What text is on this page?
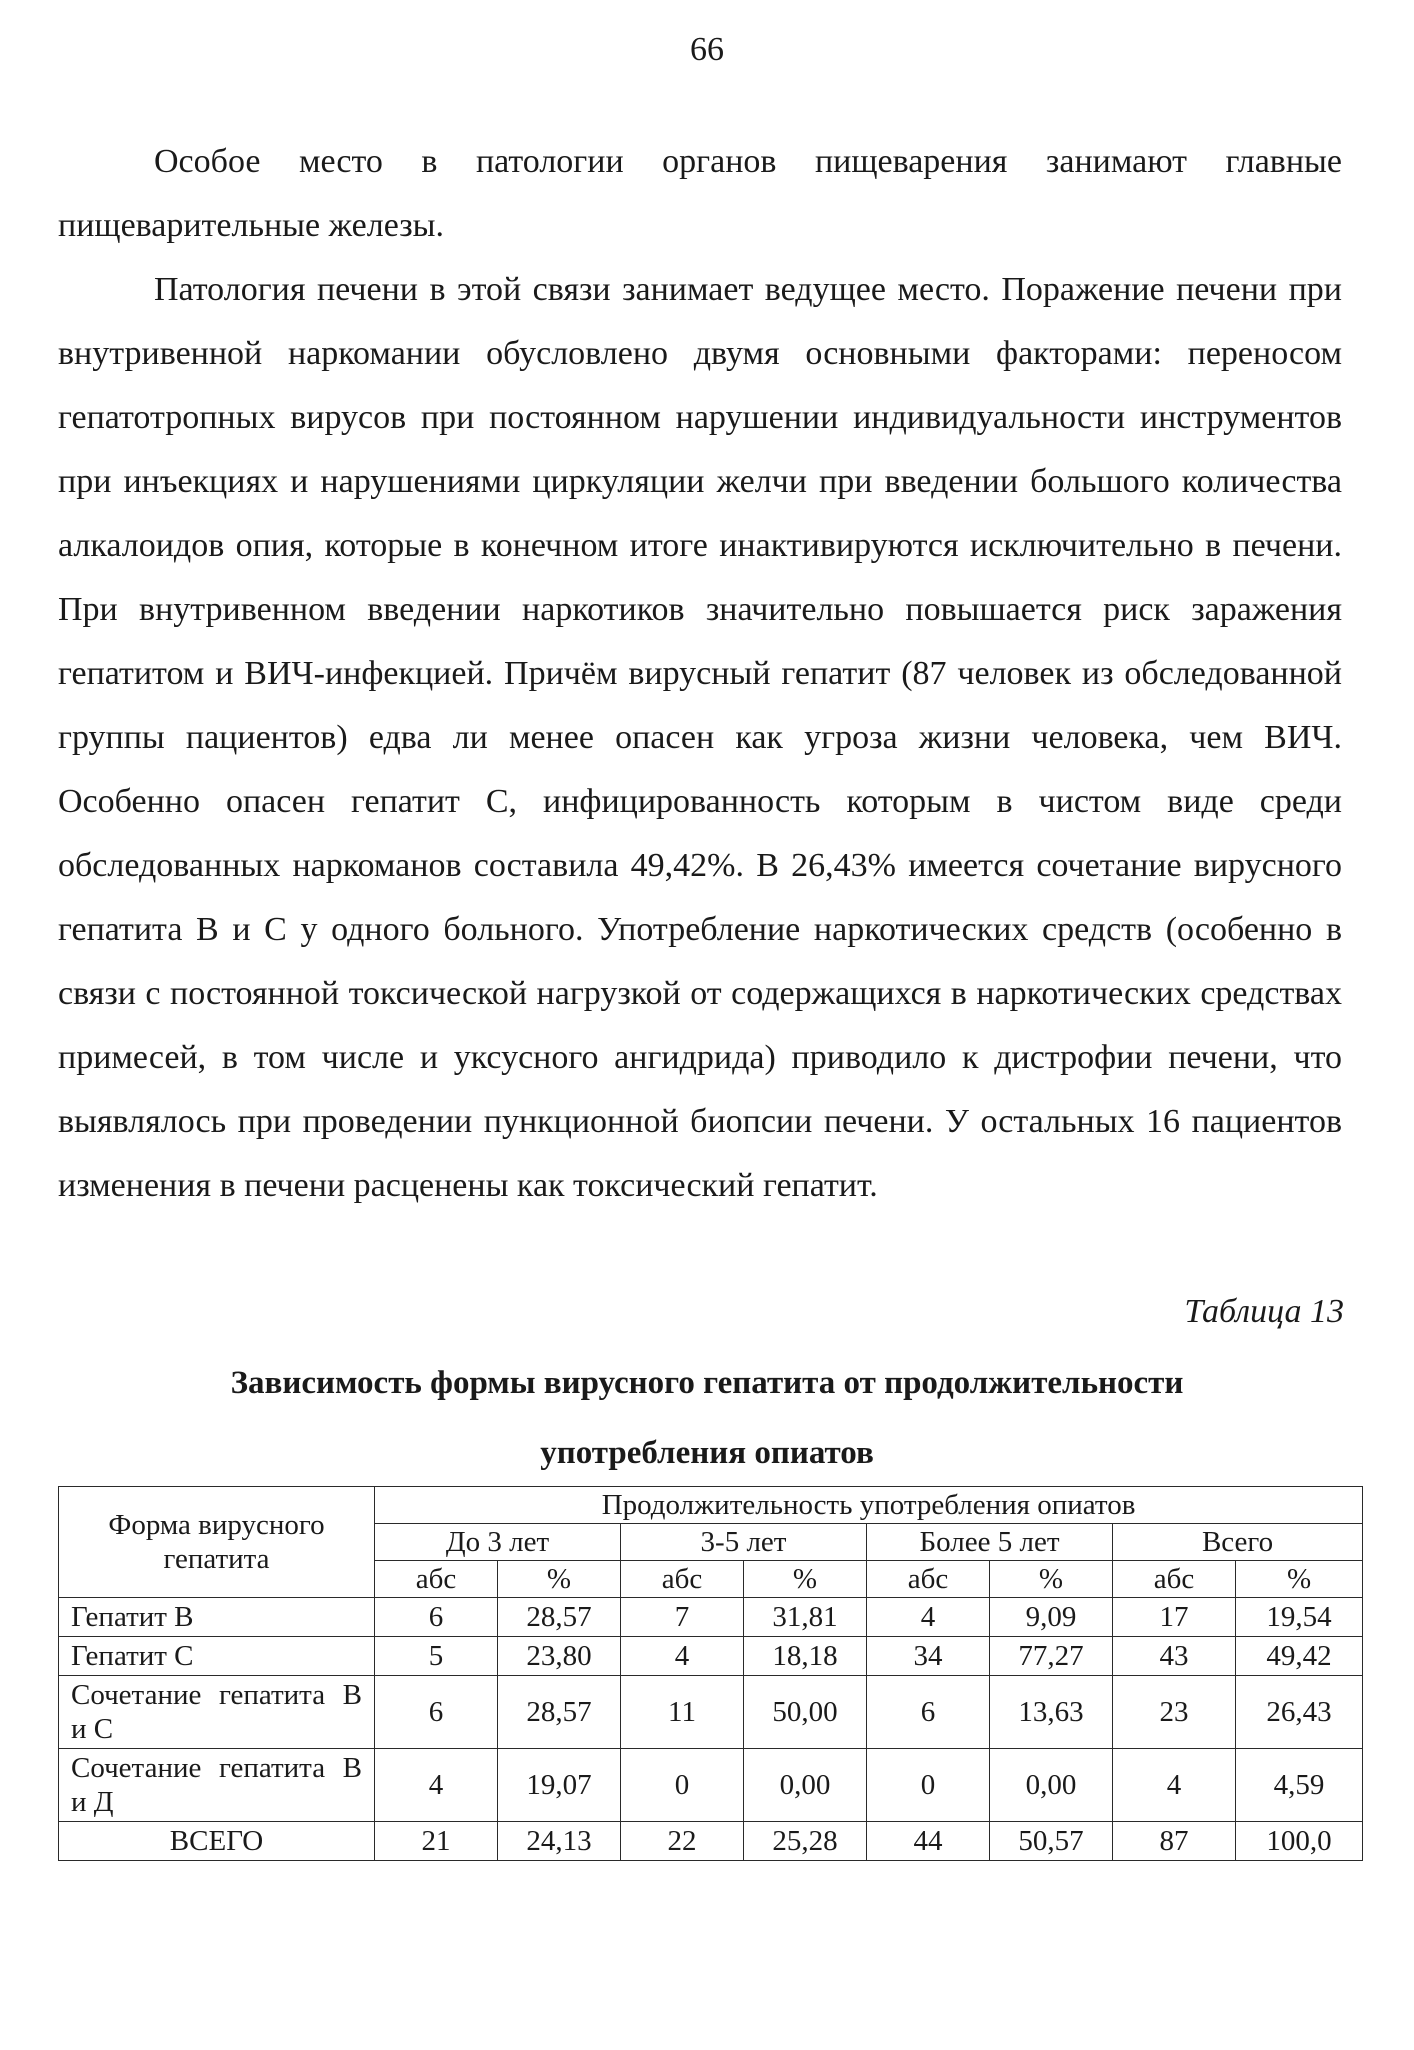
66

Особое место в патологии органов пищеварения занимают главные пищеварительные железы.

Патология печени в этой связи занимает ведущее место. Поражение печени при внутривенной наркомании обусловлено двумя основными факторами: переносом гепатотропных вирусов при постоянном нарушении индивидуальности инструментов при инъекциях и нарушениями циркуляции желчи при введении большого количества алкалоидов опия, которые в конечном итоге инактивируются исключительно в печени. При внутривенном введении наркотиков значительно повышается риск заражения гепатитом и ВИЧ-инфекцией. Причём вирусный гепатит (87 человек из обследованной группы пациентов) едва ли менее опасен как угроза жизни человека, чем ВИЧ. Особенно опасен гепатит С, инфицированность которым в чистом виде среди обследованных наркоманов составила 49,42%. В 26,43% имеется сочетание вирусного гепатита В и С у одного больного. Употребление наркотических средств (особенно в связи с постоянной токсической нагрузкой от содержащихся в наркотических средствах примесей, в том числе и уксусного ангидрида) приводило к дистрофии печени, что выявлялось при проведении пункционной биопсии печени. У остальных 16 пациентов изменения в печени расценены как токсический гепатит.

Таблица 13
Зависимость формы вирусного гепатита от продолжительности
употребления опиатов
Форма вирусного гепатита	Продолжительность употребления опиатов							
	До 3 лет		3-5 лет		Более 5 лет		Всего	
	абс	%	абс	%	абс	%	абс	%
Гепатит В	6	28,57	7	31,81	4	9,09	17	19,54
Гепатит С	5	23,80	4	18,18	34	77,27	43	49,42
Сочетание гепатита В и С	6	28,57	11	50,00	6	13,63	23	26,43
Сочетание гепатита В и Д	4	19,07	0	0,00	0	0,00	4	4,59
ВСЕГО	21	24,13	22	25,28	44	50,57	87	100,0
